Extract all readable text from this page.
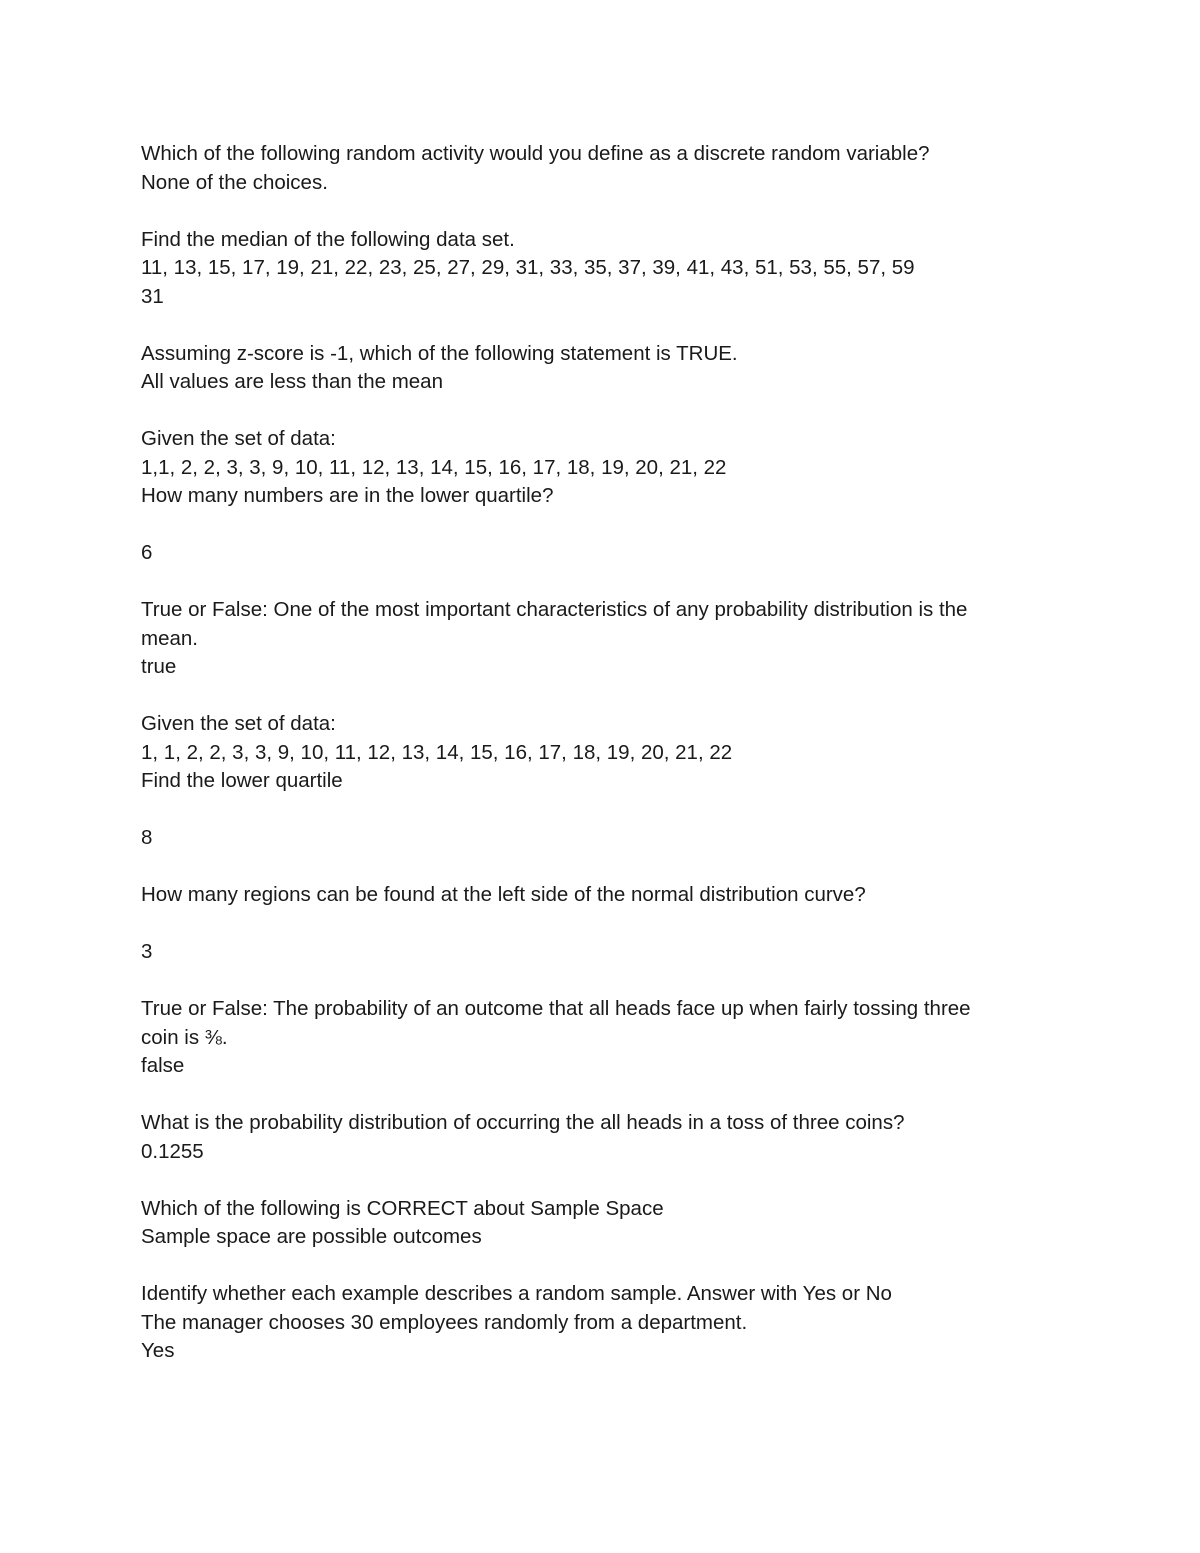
Which of the following random activity would you define as a discrete random variable?
None of the choices.
Find the median of the following data set.
11, 13, 15, 17, 19, 21, 22, 23, 25, 27, 29, 31, 33, 35, 37, 39, 41, 43, 51, 53, 55, 57, 59
31
Assuming z-score is -1, which of the following statement is TRUE.
All values are less than the mean
Given the set of data:
1,1, 2, 2, 3, 3, 9, 10, 11, 12, 13, 14, 15, 16, 17, 18, 19, 20, 21, 22
How many numbers are in the lower quartile?
6
True or False: One of the most important characteristics of any probability distribution is the
mean.
true
Given the set of data:
1, 1, 2, 2, 3, 3, 9, 10, 11, 12, 13, 14, 15, 16, 17, 18, 19, 20, 21, 22
Find the lower quartile
8
How many regions can be found at the left side of the normal distribution curve?
3
True or False: The probability of an outcome that all heads face up when fairly tossing three
coin is ⅜.
false
What is the probability distribution of occurring the all heads in a toss of three coins?
0.1255
Which of the following is CORRECT about Sample Space
Sample space are possible outcomes
Identify whether each example describes a random sample. Answer with Yes or No
The manager chooses 30 employees randomly from a department.
Yes
